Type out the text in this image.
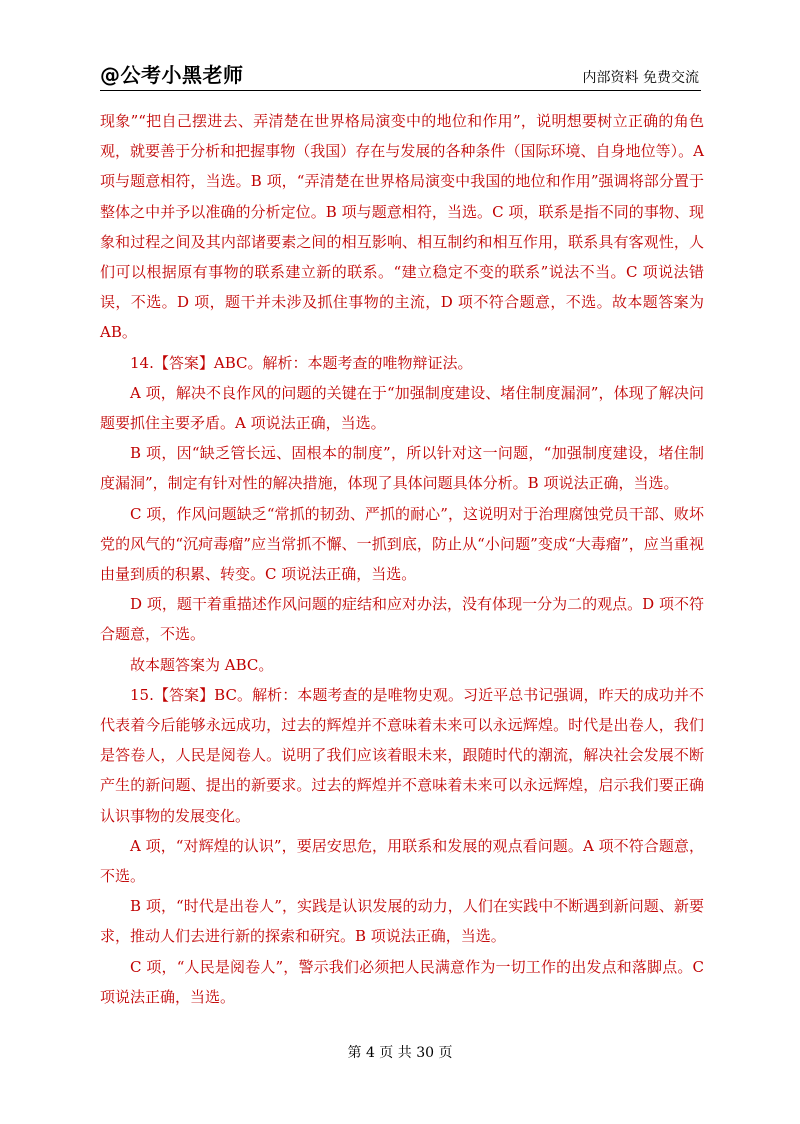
@公考小黑老师	内部资料 免费交流

现象”“把自己摆进去、弄清楚在世界格局演变中的地位和作用”，说明想要树立正确的角色观，就要善于分析和把握事物（我国）存在与发展的各种条件（国际环境、自身地位等）。A 项与题意相符，当选。B 项，“弄清楚在世界格局演变中我国的地位和作用”强调将部分置于整体之中并予以准确的分析定位。B 项与题意相符，当选。C 项，联系是指不同的事物、现象和过程之间及其内部诸要素之间的相互影响、相互制约和相互作用，联系具有客观性，人们可以根据原有事物的联系建立新的联系。“建立稳定不变的联系”说法不当。C 项说法错误，不选。D 项，题干并未涉及抓住事物的主流，D 项不符合题意，不选。故本题答案为 AB。

14.【答案】ABC。解析：本题考查的唯物辩证法。

A 项，解决不良作风的问题的关键在于“加强制度建设、堵住制度漏洞”，体现了解决问题要抓住主要矛盾。A 项说法正确，当选。

B 项，因“缺乏管长远、固根本的制度”，所以针对这一问题，“加强制度建设，堵住制度漏洞”，制定有针对性的解决措施，体现了具体问题具体分析。B 项说法正确，当选。

C 项，作风问题缺乏“常抓的韧劲、严抓的耐心”，这说明对于治理腐蚀党员干部、败坏党的风气的“沉疴毒瘤”应当常抓不懈、一抓到底，防止从“小问题”变成“大毒瘤”，应当重视由量到质的积累、转变。C 项说法正确，当选。

D 项，题干着重描述作风问题的症结和应对办法，没有体现一分为二的观点。D 项不符合题意，不选。

故本题答案为 ABC。

15.【答案】BC。解析：本题考查的是唯物史观。习近平总书记强调，昨天的成功并不代表着今后能够永远成功，过去的辉煌并不意味着未来可以永远辉煌。时代是出卷人，我们是答卷人，人民是阅卷人。说明了我们应该着眼未来，跟随时代的潮流，解决社会发展不断产生的新问题、提出的新要求。过去的辉煌并不意味着未来可以永远辉煌，启示我们要正确认识事物的发展变化。

A 项，“对辉煌的认识”，要居安思危，用联系和发展的观点看问题。A 项不符合题意，不选。

B 项，“时代是出卷人”，实践是认识发展的动力，人们在实践中不断遇到新问题、新要求，推动人们去进行新的探索和研究。B 项说法正确，当选。

C 项，“人民是阅卷人”，警示我们必须把人民满意作为一切工作的出发点和落脚点。C 项说法正确，当选。

第 4 页 共 30 页
